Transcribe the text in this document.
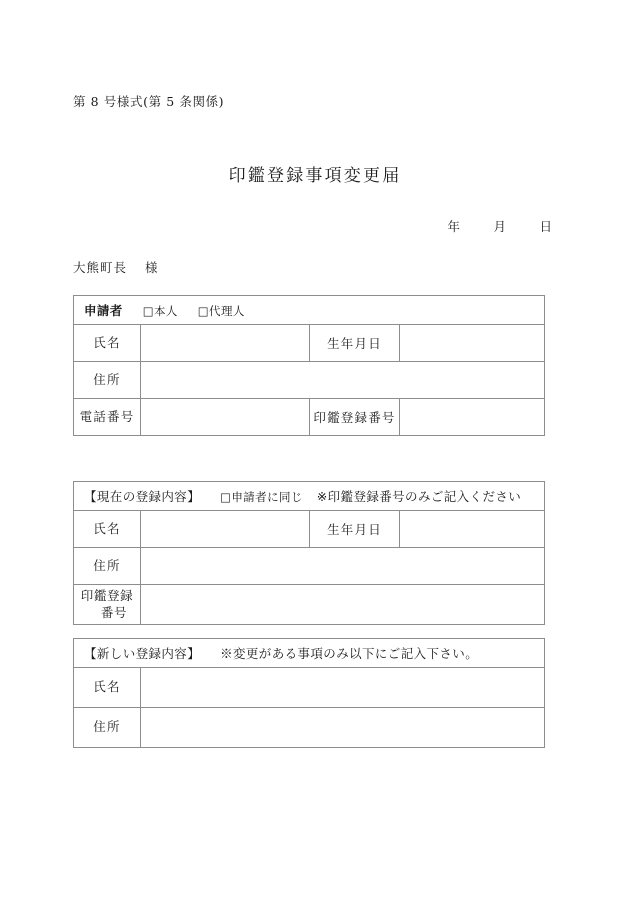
第 8 号様式(第 5 条関係)
印鑑登録事項変更届
年	月	日
大熊町長 様
申請者 □本人 □代理人			
氏名		生年月日	
住所			
電話番号		印鑑登録番号	
【現在の登録内容】 □申請者に同じ ※印鑑登録番号のみご記入ください			
氏名		生年月日	
住所			
印鑑登録
番号			

【新しい登録内容】 ※変更がある事項のみ以下にご記入下さい。	
氏名	
住所	
